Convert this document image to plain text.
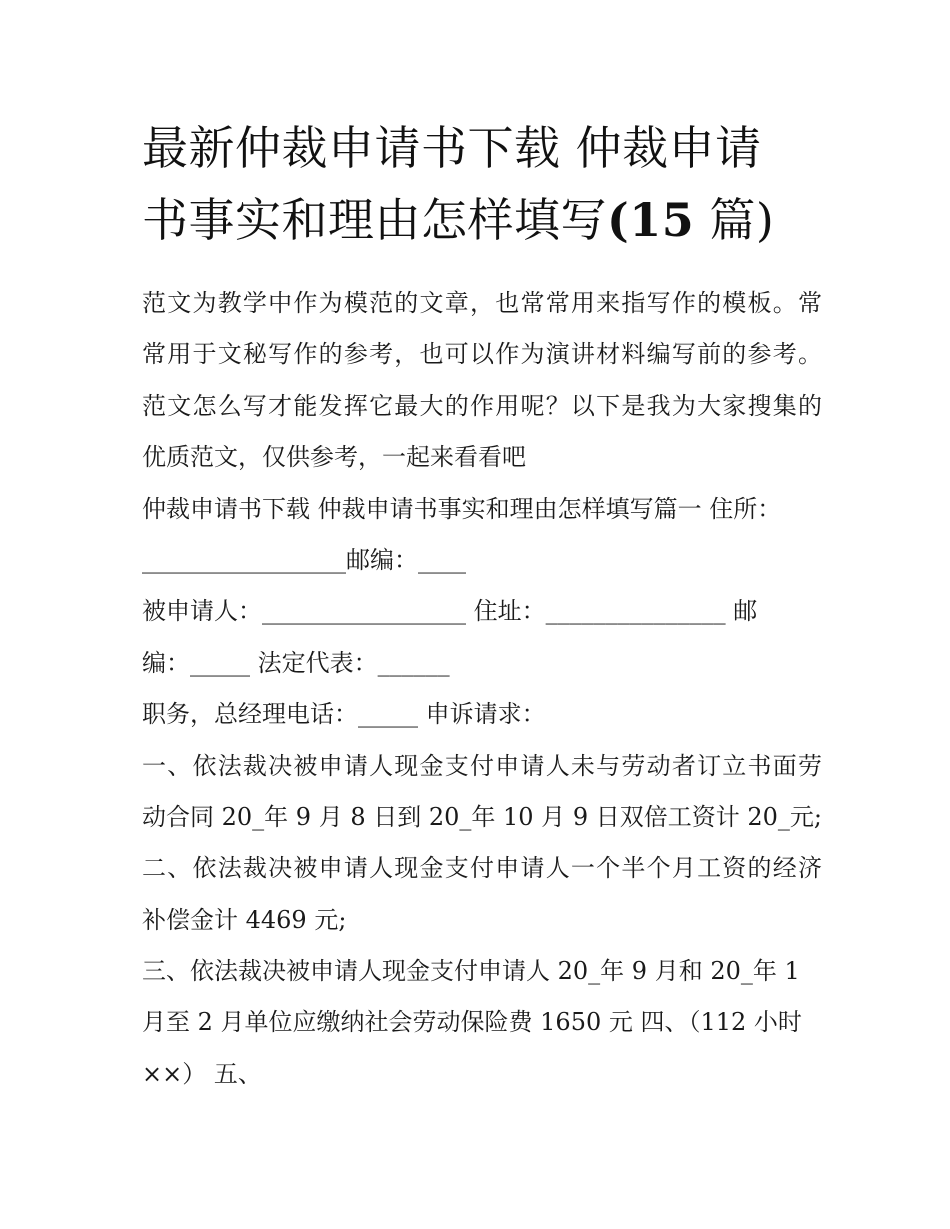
最新仲裁申请书下载 仲裁申请
书事实和理由怎样填写(15 篇)

范文为教学中作为模范的文章，也常常用来指写作的模板。常

常用于文秘写作的参考，也可以作为演讲材料编写前的参考。

范文怎么写才能发挥它最大的作用呢？以下是我为大家搜集的

优质范文，仅供参考，一起来看看吧

仲裁申请书下载 仲裁申请书事实和理由怎样填写篇一 住所：

_________________邮编：____

被申请人：_________________ 住址：_______________ 邮

编：_____ 法定代表：______

职务，总经理电话：_____ 申诉请求：

一、依法裁决被申请人现金支付申请人未与劳动者订立书面劳

动合同 20_年 9 月 8 日到 20_年 10 月 9 日双倍工资计 20_元;

二、依法裁决被申请人现金支付申请人一个半个月工资的经济

补偿金计 4469 元;

三、依法裁决被申请人现金支付申请人 20_年 9 月和 20_年 1

月至 2 月单位应缴纳社会劳动保险费 1650 元 四、（112 小时

××） 五、
